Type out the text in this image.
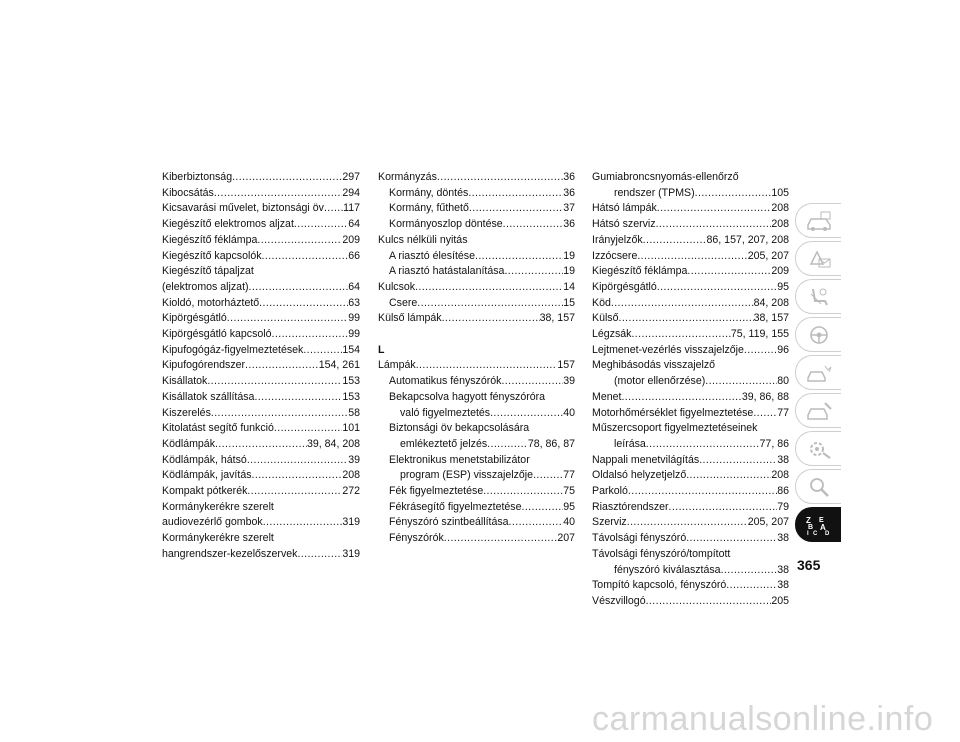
Kiberbiztonság .....	297
Kibocsátás .....	294
Kicsavarási művelet, biztonsági öv ..... 117
Kiegészítő elektromos aljzat .....	64
Kiegészítő féklámpa .....	209
Kiegészítő kapcsolók .....	66
Kiegészítő tápaljzat
(elektromos aljzat) .....	64
Kioldó, motorháztető .....	63
Kipörgésgátló .....	99
Kipörgésgátló kapcsoló .....	99
Kipufogógáz-figyelmeztetések .....	154
Kipufogórendszer .....	154, 261
Kisállatok .....	153
Kisállatok szállítása .....	153
Kiszerelés .....	58
Kitolatást segítő funkció .....	101
Ködlámpák .....	39, 84, 208
Ködlámpák, hátsó .....	39
Ködlámpák, javítás .....	208
Kompakt pótkerék .....	272
Kormánykerékre szerelt
audiovezérlő gombok .....	319
Kormánykerékre szerelt
hangrendszer-kezelőszervek .....	319
Kormányzás .....	36
Kormány, döntés .....	36
Kormány, fűthető .....	37
Kormányoszlop döntése .....	36
Kulcs nélküli nyitás
A riasztó élesítése .....	19
A riasztó hatástalanítása .....	19
Kulcsok .....	14
Csere .....	15
Külső lámpák .....	38, 157
L
Lámpák .....	157
Automatikus fényszórók .....	39
Bekapcsolva hagyott fényszóróra
való figyelmeztetés .....	40
Biztonsági öv bekapcsolására
emlékeztető jelzés .....	78, 86, 87
Elektronikus menetstabilizátor
program (ESP) visszajelzője .....	77
Fék figyelmeztetése .....	75
Fékrásegítő figyelmeztetése .....	95
Fényszóró szintbeállítása .....	40
Fényszórók .....	207
Gumiabroncsnyomás-ellenőrző
rendszer (TPMS) .....	105
Hátsó lámpák .....	208
Hátsó szerviz .....	208
Irányjelzők .....	86, 157, 207, 208
Izzócsere .....	205, 207
Kiegészítő féklámpa .....	209
Kipörgésgátló .....	95
Köd .....	84, 208
Külső .....	38, 157
Légzsák .....	75, 119, 155
Lejtmenet-vezérlés visszajelzője .....	96
Meghibásodás visszajelző
(motor ellenőrzése) .....	80
Menet .....	39, 86, 88
Motorhőmérséklet figyelmeztetése ..... 77
Műszercsoport figyelmeztetéseinek
leírása .....	77, 86
Nappali menetvilágítás .....	38
Oldalsó helyzetjelző .....	208
Parkoló .....	86
Riasztórendszer .....	79
Szerviz .....	205, 207
Távolsági fényszóró .....	38
Távolsági fényszóró/tompított
fényszóró kiválasztása .....	38
Tompító kapcsoló, fényszóró .....	38
Vészvillogó .....	205
Z E
B A
I C D
365
carmanualsonline.info
